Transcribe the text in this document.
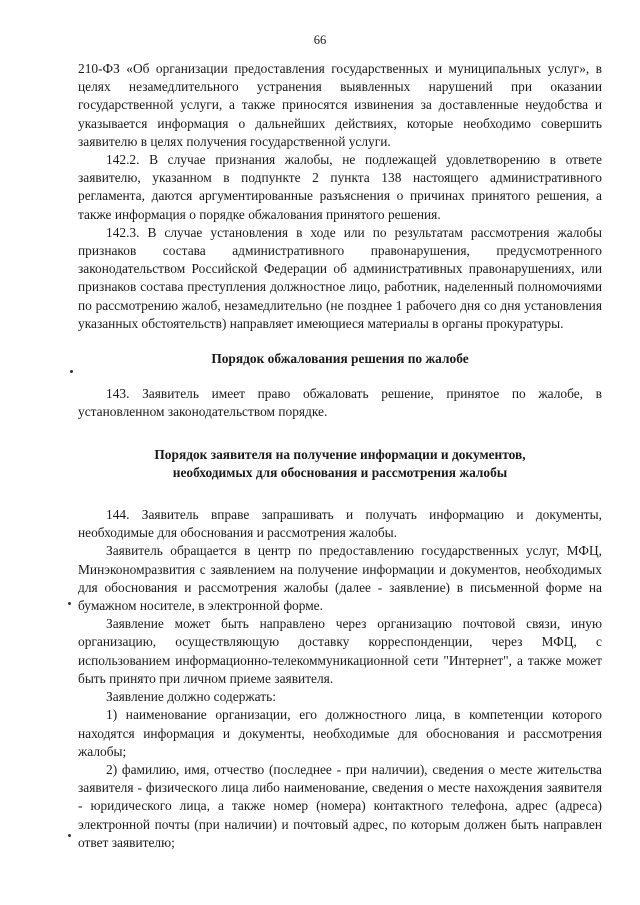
66

210-ФЗ «Об организации предоставления государственных и муниципальных услуг», в целях незамедлительного устранения выявленных нарушений при оказании государственной услуги, а также приносятся извинения за доставленные неудобства и указывается информация о дальнейших действиях, которые необходимо совершить заявителю в целях получения государственной услуги.

142.2. В случае признания жалобы, не подлежащей удовлетворению в ответе заявителю, указанном в подпункте 2 пункта 138 настоящего административного регламента, даются аргументированные разъяснения о причинах принятого решения, а также информация о порядке обжалования принятого решения.

142.3. В случае установления в ходе или по результатам рассмотрения жалобы признаков состава административного правонарушения, предусмотренного законодательством Российской Федерации об административных правонарушениях, или признаков состава преступления должностное лицо, работник, наделенный полномочиями по рассмотрению жалоб, незамедлительно (не позднее 1 рабочего дня со дня установления указанных обстоятельств) направляет имеющиеся материалы в органы прокуратуры.

Порядок обжалования решения по жалобе

143. Заявитель имеет право обжаловать решение, принятое по жалобе, в установленном законодательством порядке.

Порядок заявителя на получение информации и документов,

необходимых для обоснования и рассмотрения жалобы

144. Заявитель вправе запрашивать и получать информацию и документы, необходимые для обоснования и рассмотрения жалобы.

Заявитель обращается в центр по предоставлению государственных услуг, МФЦ, Минэкономразвития с заявлением на получение информации и документов, необходимых для обоснования и рассмотрения жалобы (далее - заявление) в письменной форме на бумажном носителе, в электронной форме.

Заявление может быть направлено через организацию почтовой связи, иную организацию, осуществляющую доставку корреспонденции, через МФЦ, с использованием информационно-телекоммуникационной сети "Интернет", а также может быть принято при личном приеме заявителя.

Заявление должно содержать:

1) наименование организации, его должностного лица, в компетенции которого находятся информация и документы, необходимые для обоснования и рассмотрения жалобы;

2) фамилию, имя, отчество (последнее - при наличии), сведения о месте жительства заявителя - физического лица либо наименование, сведения о месте нахождения заявителя - юридического лица, а также номер (номера) контактного телефона, адрес (адреса) электронной почты (при наличии) и почтовый адрес, по которым должен быть направлен ответ заявителю;
